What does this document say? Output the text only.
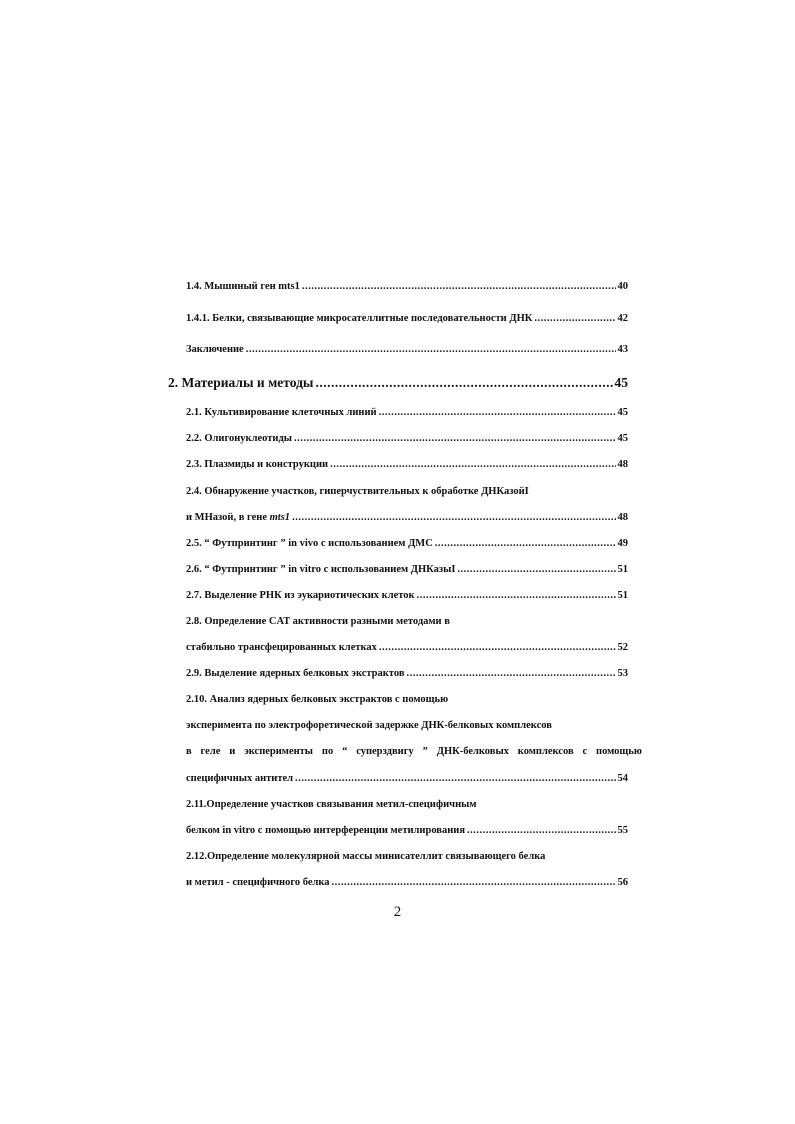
1.4. Мышиный ген mts1 .....	40
1.4.1. Белки, связывающие микросателлитные последовательности ДНК .....	42
Заключение .....	43
2. Материалы и методы .....	45
2.1. Культивирование клеточных линий .....	45
2.2. Олигонуклеотиды .....	45
2.3. Плазмиды и конструкции .....	48
2.4. Обнаружение участков, гиперчуствительных к обработке ДНКазойI
и МНазой, в гене mts1 .....	48
2.5. “ Футпринтинг ” in vivo с использованием ДМС .....	49
2.6. “ Футпринтинг ” in vitro с использованием ДНКазыI .....	51
2.7. Выделение РНК из эукариотических клеток .....	51
2.8. Определение CAT активности разными методами в
стабильно трансфецированных клетках .....	52
2.9. Выделение ядерных белковых экстрактов .....	53
2.10. Анализ ядерных белковых экстрактов с помощью
эксперимента по электрофоретической задержке ДНК-белковых комплексов
в геле и эксперименты по “ суперздвигу ” ДНК-белковых комплексов с помощью
специфичных антител .....	54
2.11.Определение участков связывания метил-специфичным
белком in vitro с помощью интерференции метилирования .....	55
2.12.Определение молекулярной массы минисателлит связывающего белка
и метил - специфичного белка .....	56
2
